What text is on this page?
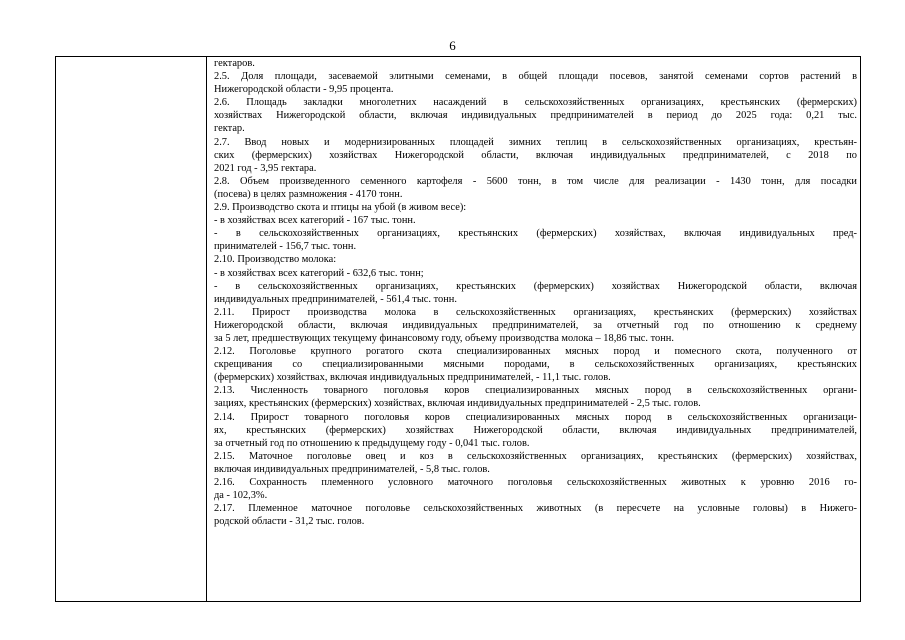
6
гектаров.
2.5. Доля площади, засеваемой элитными семенами, в общей площади посевов, занятой семенами сортов растений в
Нижегородской области - 9,95 процента.
2.6. Площадь закладки многолетних насаждений в сельскохозяйственных организациях, крестьянских (фермерских)
хозяйствах Нижегородской области, включая индивидуальных предпринимателей в период до 2025 года: 0,21 тыс.
гектар.
2.7. Ввод новых и модернизированных площадей зимних теплиц в сельскохозяйственных организациях, крестьян-
ских (фермерских) хозяйствах Нижегородской области, включая индивидуальных предпринимателей, с 2018 по
2021 год - 3,95 гектара.
2.8. Объем произведенного семенного картофеля - 5600 тонн, в том числе для реализации - 1430 тонн, для посадки
(посева) в целях размножения - 4170 тонн.
2.9. Производство скота и птицы на убой (в живом весе):
- в хозяйствах всех категорий - 167 тыс. тонн.
- в сельскохозяйственных организациях, крестьянских (фермерских) хозяйствах, включая индивидуальных пред-
принимателей - 156,7 тыс. тонн.
2.10. Производство молока:
- в хозяйствах всех категорий - 632,6 тыс. тонн;
- в сельскохозяйственных организациях, крестьянских (фермерских) хозяйствах Нижегородской области, включая
индивидуальных предпринимателей, - 561,4 тыс. тонн.
2.11. Прирост производства молока в сельскохозяйственных организациях, крестьянских (фермерских) хозяйствах
Нижегородской области, включая индивидуальных предпринимателей, за отчетный год по отношению к среднему
за 5 лет, предшествующих текущему финансовому году, объему производства молока – 18,86 тыс. тонн.
2.12. Поголовье крупного рогатого скота специализированных мясных пород и помесного скота, полученного от
скрещивания со специализированными мясными породами, в сельскохозяйственных организациях, крестьянских
(фермерских) хозяйствах, включая индивидуальных предпринимателей, - 11,1 тыс. голов.
2.13. Численность товарного поголовья коров специализированных мясных пород в сельскохозяйственных органи-
зациях, крестьянских (фермерских) хозяйствах, включая индивидуальных предпринимателей - 2,5 тыс. голов.
2.14. Прирост товарного поголовья коров специализированных мясных пород в сельскохозяйственных организаци-
ях, крестьянских (фермерских) хозяйствах Нижегородской области, включая индивидуальных предпринимателей,
за отчетный год по отношению к предыдущему году - 0,041 тыс. голов.
2.15. Маточное поголовье овец и коз в сельскохозяйственных организациях, крестьянских (фермерских) хозяйствах,
включая индивидуальных предпринимателей, - 5,8 тыс. голов.
2.16. Сохранность племенного условного маточного поголовья сельскохозяйственных животных к уровню 2016 го-
да - 102,3%.
2.17. Племенное маточное поголовье сельскохозяйственных животных (в пересчете на условные головы) в Нижего-
родской области - 31,2 тыс. голов.
